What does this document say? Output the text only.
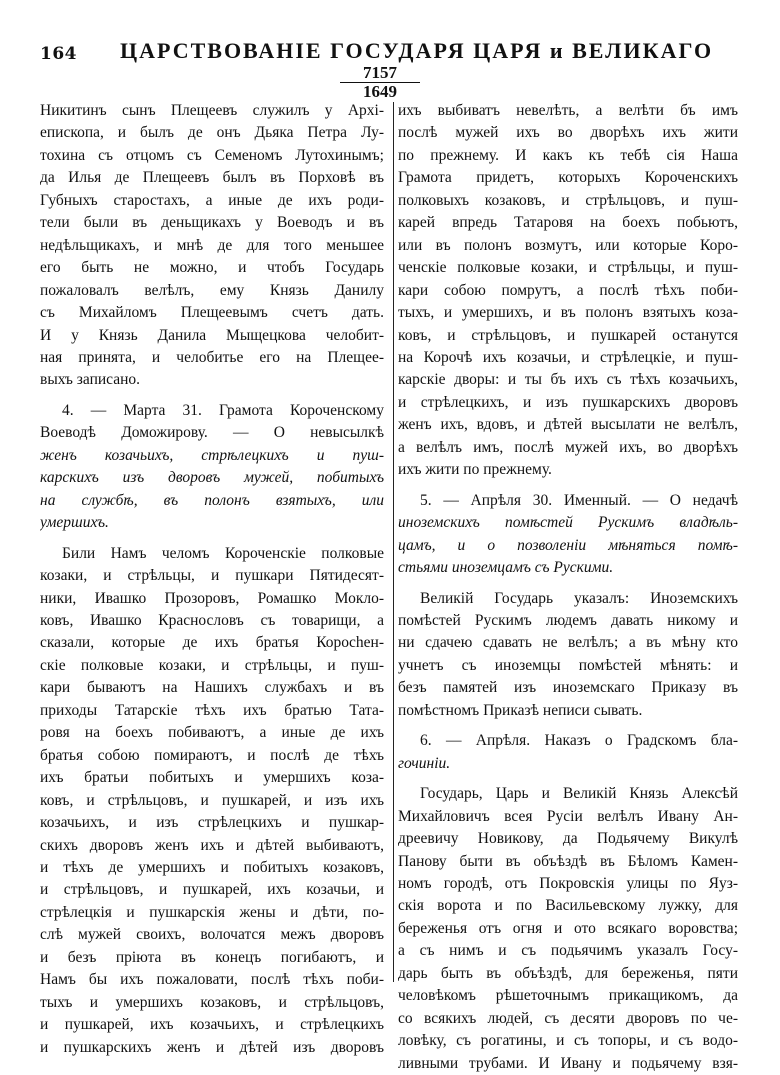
164 ЦАРСТВОВАНІЕ ГОСУДАРЯ ЦАРЯ и ВЕЛИКАГО
7157
1649
Никитинъ сынъ Плещеевъ служилъ у Архі-
епископа, и былъ де онъ Дьяка Петра Лу-
тохина съ отцомъ съ Семеномъ Лутохинымъ;
да Илья де Плещеевъ былъ въ Порховѣ въ
Губныхъ старостахъ, а иные де ихъ роди-
тели были въ деньщикахъ у Воеводъ и въ
недѣльщикахъ, и мнѣ де для того меньшее
его быть не можно, и чтобъ Государь
пожаловалъ велѣлъ, ему Князь Данилу
съ Михайломъ Плещеевымъ счетъ дать.
И у Князь Данила Мыщецкова челобит-
ная принята, и челобитье его на Плещее-
выхъ записано.
4. — Марта 31. Грамота Короченскому
Воеводѣ Доможирову. — О невысылкѣ
женъ козачьихъ, стрѣлецкихъ и пуш-
карскихъ изъ дворовъ мужей, побитыхъ
на службѣ, въ полонъ взятыхъ, или
умершихъ.
Били Намъ челомъ Короченскіе полковые
козаки, и стрѣльцы, и пушкари Пятидесят-
ники, Ивашко Прозоровъ, Ромашко Моклo-
ковъ, Ивашко Краснословъ съ товарищи, а
сказали, которые де ихъ братья Короchен-
скіе полковые козаки, и стрѣльцы, и пуш-
кари бываютъ на Нашихъ службахъ и въ
приходы Татарскіе тѣхъ ихъ братью Тата-
ровя на боехъ побиваютъ, а иные де ихъ
братья собою помираютъ, и послѣ де тѣхъ
ихъ братьи побитыхъ и умершихъ коза-
ковъ, и стрѣльцовъ, и пушкарей, и изъ ихъ
козачьихъ, и изъ стрѣлецкихъ и пушкар-
скихъ дворовъ женъ ихъ и дѣтей выбиваютъ,
и тѣхъ де умершихъ и побитыхъ козаковъ,
и стрѣльцовъ, и пушкарей, ихъ козачьи, и
стрѣлецкія и пушкарскія жены и дѣти, по-
слѣ мужей своихъ, волочатся межъ дворовъ
и безъ пріюта въ конецъ погибаютъ, и
Намъ бы ихъ пожаловати, послѣ тѣхъ поби-
тыхъ и умершихъ козаковъ, и стрѣльцовъ,
и пушкарей, ихъ козачьихъ, и стрѣлецкихъ
и пушкарскихъ женъ и дѣтей изъ дворовъ
ихъ выбиватъ невелѣть, а велѣти бъ имъ
послѣ мужей ихъ во дворѣхъ ихъ жити
по прежнему. И какъ къ тебѣ сія Наша
Грамота придетъ, которыхъ Короченскихъ
полковыхъ козаковъ, и стрѣльцовъ, и пуш-
карей впредь Татаровя на боехъ побьютъ,
или въ полонъ возмутъ, или которые Коро-
ченскіе полковые козаки, и стрѣльцы, и пуш-
кари собою помрутъ, а послѣ тѣхъ поби-
тыхъ, и умершихъ, и въ полонъ взятыхъ коза-
ковъ, и стрѣльцовъ, и пушкарей останутся
на Корочѣ ихъ козачьи, и стрѣлецкіе, и пуш-
карскіе дворы: и ты бъ ихъ съ тѣхъ козачьихъ,
и стрѣлецкихъ, и изъ пушкарскихъ дворовъ
женъ ихъ, вдовъ, и дѣтей высылати не велѣлъ,
а велѣлъ имъ, послѣ мужей ихъ, во дворѣхъ
ихъ жити по прежнему.
5. — Апрѣля 30. Именный. — О недачѣ
иноземскихъ помѣстей Рускимъ владѣль-
цамъ, и о позволеніи мѣняться помѣ-
стьями иноземцамъ съ Рускими.
Великій Государь указалъ: Иноземскихъ
помѣстей Рускимъ людемъ давать никому и
ни сдачею сдавать не велѣлъ; а въ мѣну кто
учнетъ съ иноземцы помѣстей мѣнять: и
безъ памятей изъ иноземскаго Приказу въ
помѣстномъ Приказѣ неписи сывать.
6. — Апрѣля. Наказъ о Градскомъ бла-
гочиніи.
Государь, Царь и Великій Князь Алексѣй
Михайловичъ всея Русіи велѣлъ Ивану Ан-
дреевичу Новикову, да Подьячему Викулѣ
Панову быти въ объѣздѣ въ Бѣломъ Камен-
номъ городѣ, отъ Покровскія улицы по Яуз-
скія ворота и по Васильевскому лужку, для
береженья отъ огня и ото всякаго воровства;
а съ нимъ и съ подьячимъ указалъ Госу-
дарь быть въ объѣздѣ, для береженья, пяти
человѣкомъ рѣшеточнымъ прикащикомъ, да
со всякихъ людей, съ десяти дворовъ по че-
ловѣку, съ рогатины, и съ топоры, и съ водо-
ливными трубами. И Ивану и подьячему взя-
